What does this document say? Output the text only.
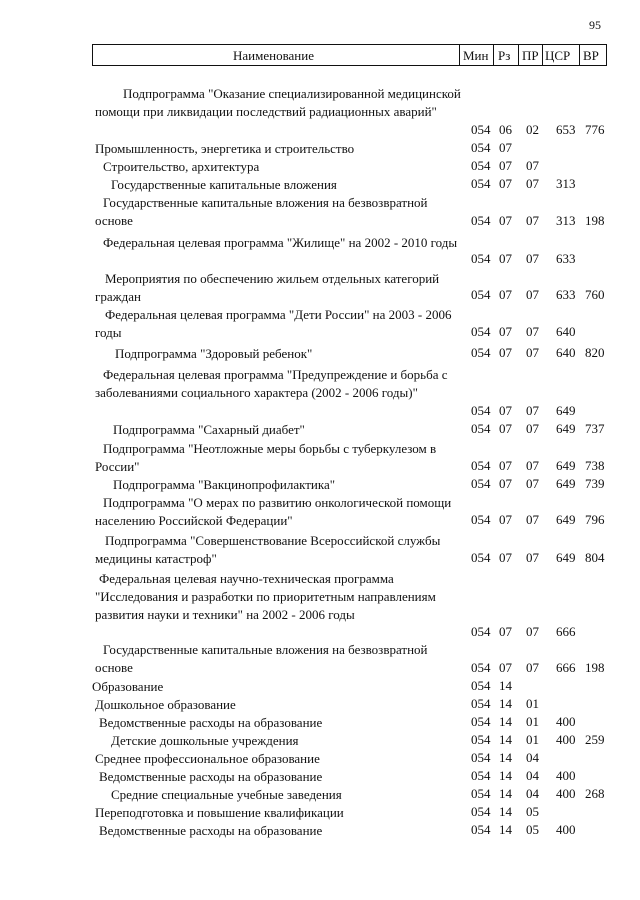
95
Наименование	Мин Рз ПР ЦСР ВР
Подпрограмма "Оказание специализированной медицинской помощи при ликвидации последствий радиационных аварий"
054 06 02 653 776
Промышленность, энергетика и строительство	054 07
Строительство, архитектура	054 07 07
Государственные капитальные вложения	054 07 07 313
Государственные капитальные вложения на безвозвратной основе	054 07 07 313 198
Федеральная целевая программа "Жилище" на 2002 - 2010 годы
054 07 07 633
Мероприятия по обеспечению жильем отдельных категорий граждан	054 07 07 633 760
Федеральная целевая программа "Дети России" на 2003 - 2006 годы	054 07 07 640
Подпрограмма "Здоровый ребенок"	054 07 07 640 820
Федеральная целевая программа "Предупреждение и борьба с заболеваниями социального характера (2002 - 2006 годы)"
054 07 07 649
Подпрограмма "Сахарный диабет"	054 07 07 649 737
Подпрограмма "Неотложные меры борьбы с туберкулезом в России"	054 07 07 649 738
Подпрограмма "Вакцинопрофилактика"	054 07 07 649 739
Подпрограмма "О мерах по развитию онкологической помощи населению Российской Федерации"	054 07 07 649 796
Подпрограмма "Совершенствование Всероссийской службы медицины катастроф"	054 07 07 649 804
Федеральная целевая научно-техническая программа "Исследования и разработки по приоритетным направлениям развития науки и техники" на 2002 - 2006 годы
054 07 07 666
Государственные капитальные вложения на безвозвратной основе	054 07 07 666 198
Образование	054 14
Дошкольное образование	054 14 01
Ведомственные расходы на образование	054 14 01 400
Детские дошкольные учреждения	054 14 01 400 259
Среднее профессиональное образование	054 14 04
Ведомственные расходы на образование	054 14 04 400
Средние специальные учебные заведения	054 14 04 400 268
Переподготовка и повышение квалификации	054 14 05
Ведомственные расходы на образование	054 14 05 400
